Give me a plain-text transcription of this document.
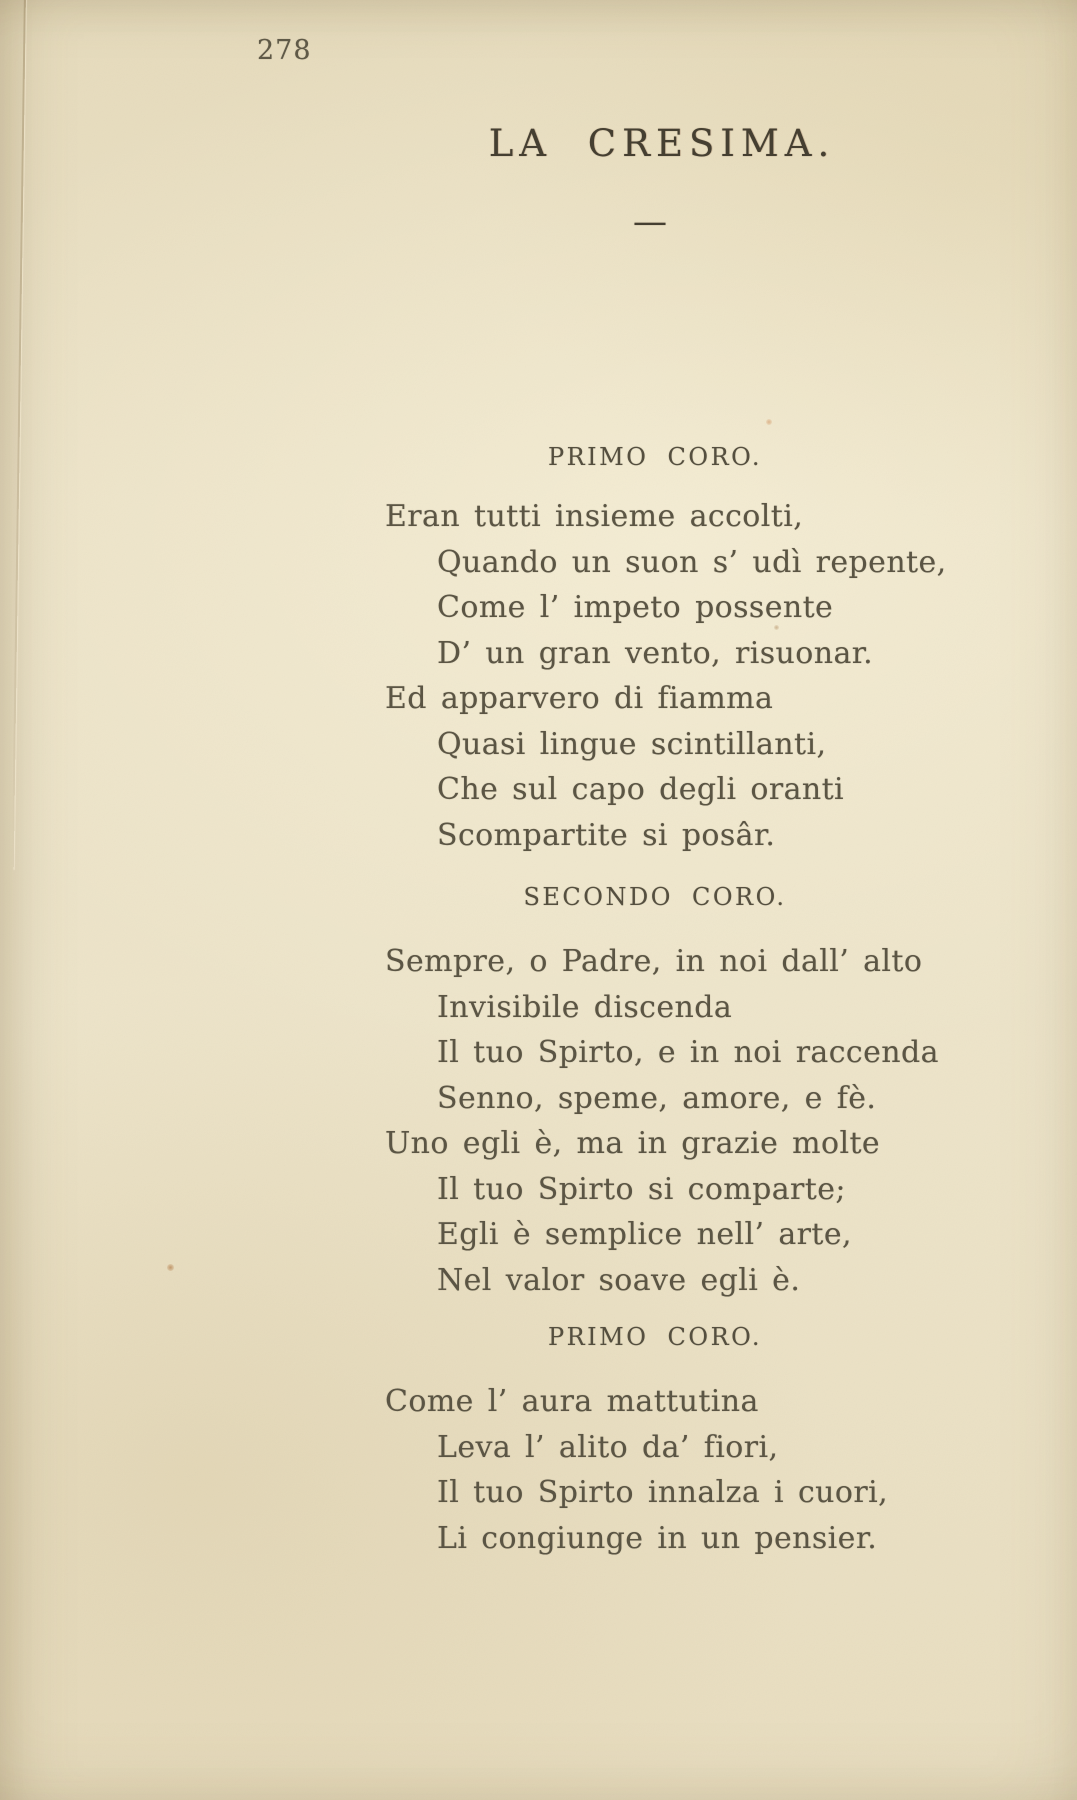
278
LA CRESIMA.
—
PRIMO CORO.
Eran tutti insieme accolti,
Quando un suon s’ udì repente,
Come l’ impeto possente
D’ un gran vento, risuonar.
Ed apparvero di fiamma
Quasi lingue scintillanti,
Che sul capo degli oranti
Scompartite si posâr.
SECONDO CORO.
Sempre, o Padre, in noi dall’ alto
Invisibile discenda
Il tuo Spirto, e in noi raccenda
Senno, speme, amore, e fè.
Uno egli è, ma in grazie molte
Il tuo Spirto si comparte;
Egli è semplice nell’ arte,
Nel valor soave egli è.
PRIMO CORO.
Come l’ aura mattutina
Leva l’ alito da’ fiori,
Il tuo Spirto innalza i cuori,
Li congiunge in un pensier.
